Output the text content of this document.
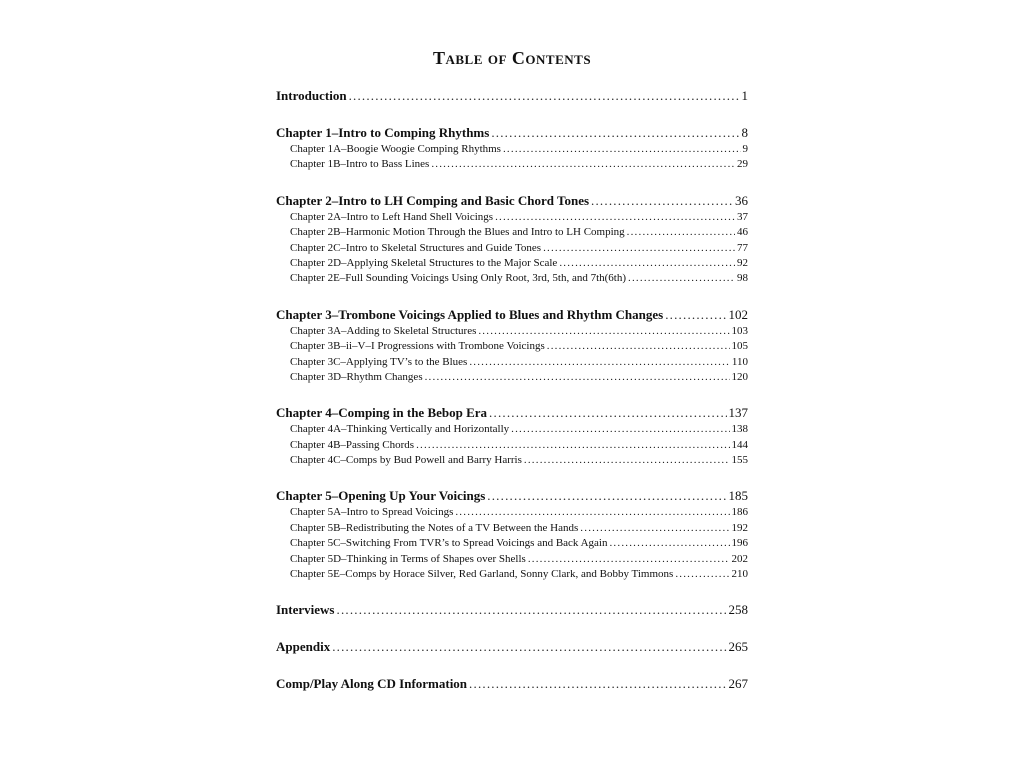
Table of Contents
Introduction .....	1
Chapter 1–Intro to Comping Rhythms .....	8
Chapter 1A–Boogie Woogie Comping Rhythms .....	9
Chapter 1B–Intro to Bass Lines .....	29
Chapter 2–Intro to LH Comping and Basic Chord Tones .....	36
Chapter 2A–Intro to Left Hand Shell Voicings .....	37
Chapter 2B–Harmonic Motion Through the Blues and Intro to LH Comping .....	46
Chapter 2C–Intro to Skeletal Structures and Guide Tones .....	77
Chapter 2D–Applying Skeletal Structures to the Major Scale .....	92
Chapter 2E–Full Sounding Voicings Using Only Root, 3rd, 5th, and 7th(6th) .....	98
Chapter 3–Trombone Voicings Applied to Blues and Rhythm Changes .....	102
Chapter 3A–Adding to Skeletal Structures .....	103
Chapter 3B–ii–V–I Progressions with Trombone Voicings .....	105
Chapter 3C–Applying TV’s to the Blues .....	110
Chapter 3D–Rhythm Changes .....	120
Chapter 4–Comping in the Bebop Era .....	137
Chapter 4A–Thinking Vertically and Horizontally .....	138
Chapter 4B–Passing Chords .....	144
Chapter 4C–Comps by Bud Powell and Barry Harris .....	155
Chapter 5–Opening Up Your Voicings .....	185
Chapter 5A–Intro to Spread Voicings .....	186
Chapter 5B–Redistributing the Notes of a TV Between the Hands .....	192
Chapter 5C–Switching From TVR’s to Spread Voicings and Back Again .....	196
Chapter 5D–Thinking in Terms of Shapes over Shells .....	202
Chapter 5E–Comps by Horace Silver, Red Garland, Sonny Clark, and Bobby Timmons .....	210
Interviews .....	258
Appendix .....	265
Comp/Play Along CD Information .....	267
